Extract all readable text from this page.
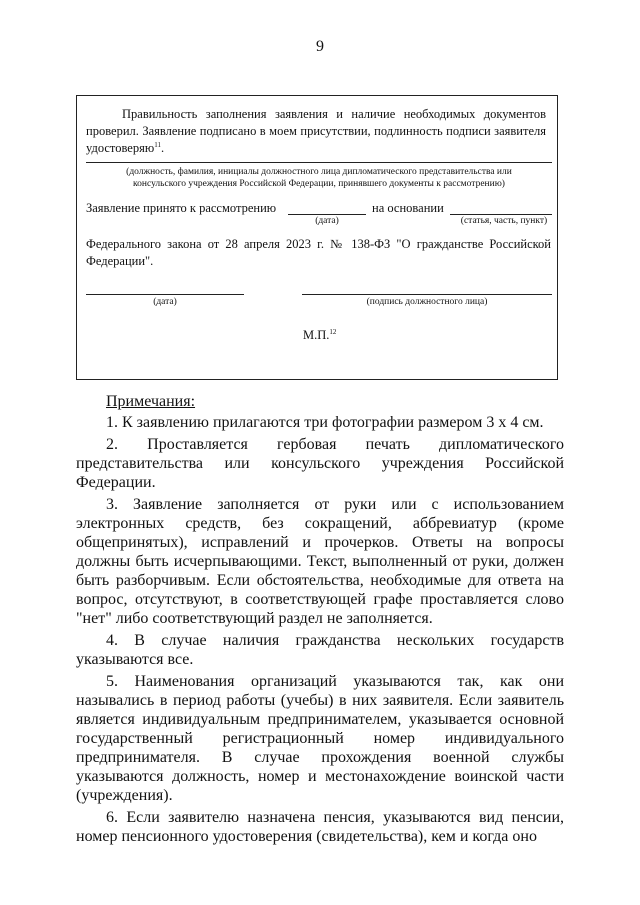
9
Правильность заполнения заявления и наличие необходимых документов проверил. Заявление подписано в моем присутствии, подлинность подписи заявителя удостоверяю$^{11}$.
(должность, фамилия, инициалы должностного лица дипломатического представительства или консульского учреждения Российской Федерации, принявшего документы к рассмотрению)
Заявление принято к рассмотрению	на основании
(дата)	(статья, часть, пункт)
Федерального закона от 28 апреля 2023 г. № 138-ФЗ "О гражданстве Российской Федерации".
(дата)	(подпись должностного лица)
М.П.$^{12}$
Примечания:

1. К заявлению прилагаются три фотографии размером 3 х 4 см.

2. Проставляется гербовая печать дипломатического представительства или консульского учреждения Российской Федерации.

3. Заявление заполняется от руки или с использованием электронных средств, без сокращений, аббревиатур (кроме общепринятых), исправлений и прочерков. Ответы на вопросы должны быть исчерпывающими. Текст, выполненный от руки, должен быть разборчивым. Если обстоятельства, необходимые для ответа на вопрос, отсутствуют, в соответствующей графе проставляется слово "нет" либо соответствующий раздел не заполняется.

4. В случае наличия гражданства нескольких государств указываются все.

5. Наименования организаций указываются так, как они назывались в период работы (учебы) в них заявителя. Если заявитель является индивидуальным предпринимателем, указывается основной государственный регистрационный номер индивидуального предпринимателя. В случае прохождения военной службы указываются должность, номер и местонахождение воинской части (учреждения).

6. Если заявителю назначена пенсия, указываются вид пенсии, номер пенсионного удостоверения (свидетельства), кем и когда оно
